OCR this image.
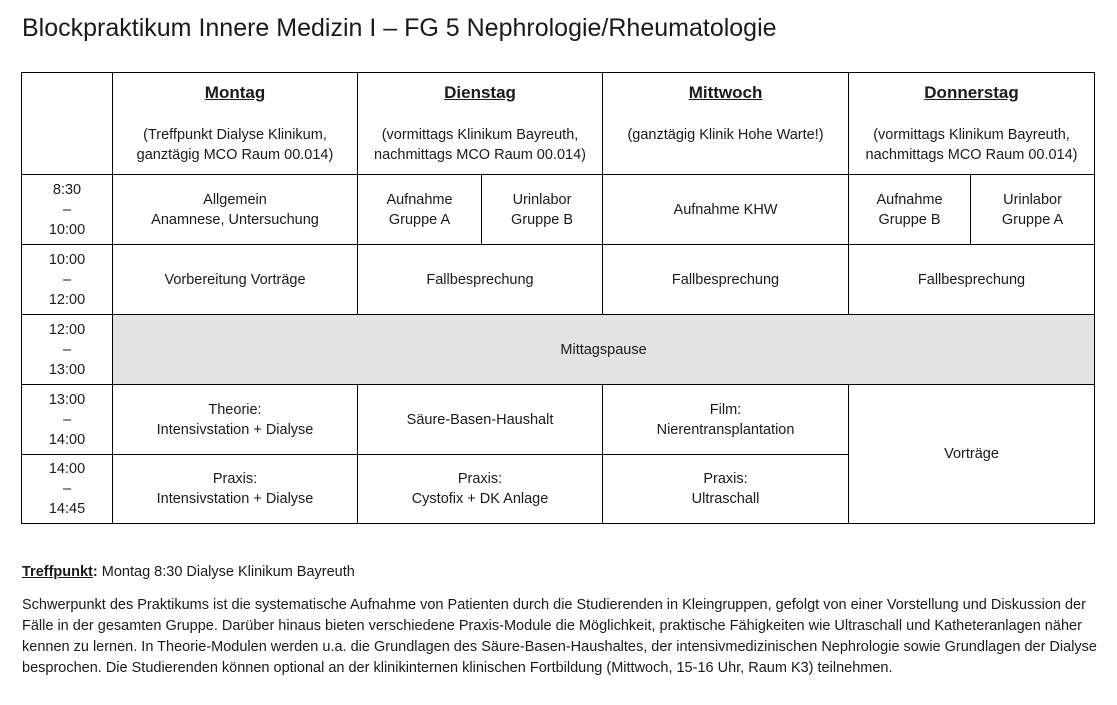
Blockpraktikum Innere Medizin I – FG 5 Nephrologie/Rheumatologie

	Montag
(Treffpunkt Dialyse Klinikum,
ganztägig MCO Raum 00.014)	Dienstag
(vormittags Klinikum Bayreuth,
nachmittags MCO Raum 00.014)		Mittwoch
(ganztägig Klinik Hohe Warte!)	Donnerstag
(vormittags Klinikum Bayreuth,
nachmittags MCO Raum 00.014)	

8:30
–
10:00	Allgemein
Anamnese, Untersuchung	Aufnahme
Gruppe A	Urinlabor
Gruppe B	Aufnahme KHW	Aufnahme
Gruppe B	Urinlabor
Gruppe A

10:00
–
12:00	Vorbereitung Vorträge	Fallbesprechung		Fallbesprechung	Fallbesprechung	

12:00
–
13:00	Mittagspause					

13:00
–
14:00	Theorie:
Intensivstation + Dialyse	Säure-Basen-Haushalt		Film:
Nierentransplantation	Vorträge	

14:00
–
14:45	Praxis:
Intensivstation + Dialyse	Praxis:
Cystofix + DK Anlage		Praxis:
Ultraschall		

Treffpunkt: Montag 8:30 Dialyse Klinikum Bayreuth

Schwerpunkt des Praktikums ist die systematische Aufnahme von Patienten durch die Studierenden in Kleingruppen, gefolgt von einer Vorstellung und Diskussion der Fälle in der gesamten Gruppe. Darüber hinaus bieten verschiedene Praxis-Module die Möglichkeit, praktische Fähigkeiten wie Ultraschall und Katheteranlagen näher kennen zu lernen. In Theorie-Modulen werden u.a. die Grundlagen des Säure-Basen-Haushaltes, der intensivmedizinischen Nephrologie sowie Grundlagen der Dialyse besprochen. Die Studierenden können optional an der klinikinternen klinischen Fortbildung (Mittwoch, 15-16 Uhr, Raum K3) teilnehmen.
